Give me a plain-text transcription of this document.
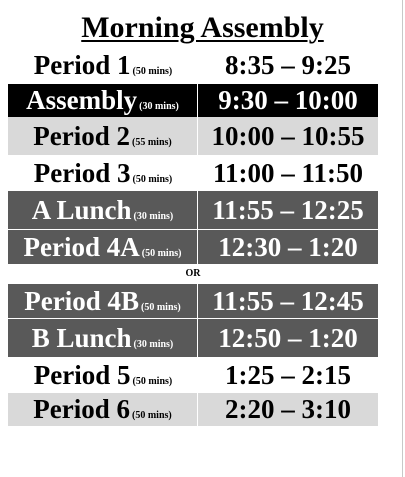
Morning Assembly
Period 1 (50 mins)	8:35 – 9:25
Assembly (30 mins)	9:30 – 10:00
Period 2 (55 mins)	10:00 – 10:55
Period 3 (50 mins)	11:00 – 11:50
A Lunch (30 mins)	11:55 – 12:25
Period 4A (50 mins)	12:30 – 1:20
OR
Period 4B (50 mins)	11:55 – 12:45
B Lunch (30 mins)	12:50 – 1:20
Period 5 (50 mins)	1:25 – 2:15
Period 6 (50 mins)	2:20 – 3:10
